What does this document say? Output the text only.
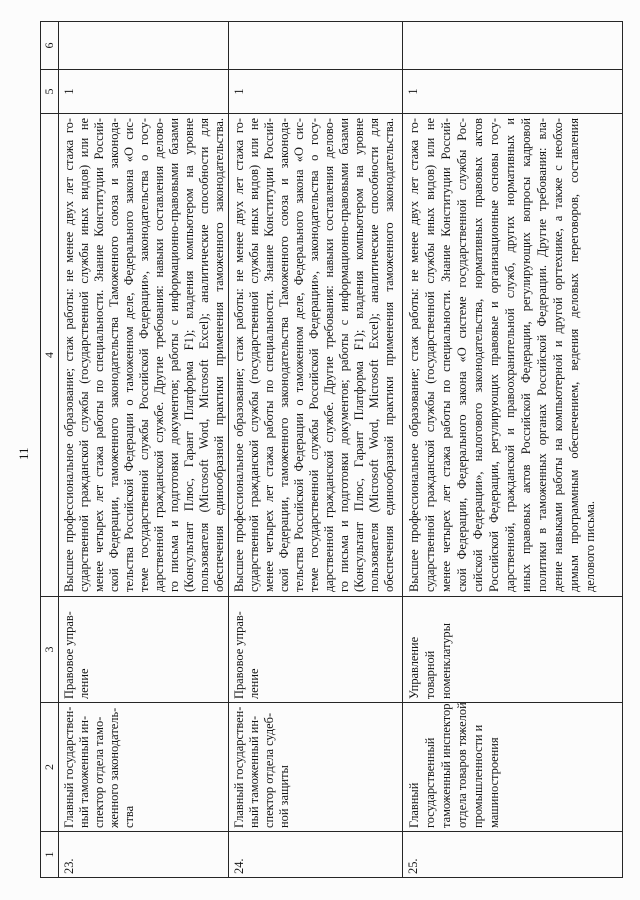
11
1
2
3
4
5
6
23.
Главный государствен- ный таможенный ин- спектор отдела тамо- женного законодатель- ства
Правовое управ- ление
Высшее профессиональное образование; стаж работы: не менее двух лет стажа го- сударственной гражданской службы (государственной службы иных видов) или не менее четырех лет стажа работы по специальности. Знание Конституции Россий- ской Федерации, таможенного законодательства Таможенного союза и законода- тельства Российской Федерации о таможенном деле, Федерального закона «О сис- теме государственной службы Российской Федерации», законодательства о госу- дарственной гражданской службе. Другие требования: навыки составления делово- го письма и подготовки документов; работы с информационно-правовыми базами (Консультант Плюс, Гарант Платформа F1); владения компьютером на уровне пользователя (Microsoft Word, Microsoft Excel); аналитические способности для обеспечения единообразной практики применения таможенного законодательства.
1
24.
Главный государствен- ный таможенный ин- спектор отдела судеб- ной защиты
Правовое управ- ление
Высшее профессиональное образование; стаж работы: не менее двух лет стажа го- сударственной гражданской службы (государственной службы иных видов) или не менее четырех лет стажа работы по специальности. Знание Конституции Россий- ской Федерации, таможенного законодательства Таможенного союза и законода- тельства Российской Федерации о таможенном деле, Федерального закона «О сис- теме государственной службы Российской Федерации», законодательства о госу- дарственной гражданской службе. Другие требования: навыки составления делово- го письма и подготовки документов; работы с информационно-правовыми базами (Консультант Плюс, Гарант Платформа F1); владения компьютером на уровне пользователя (Microsoft Word, Microsoft Excel); аналитические способности для обеспечения единообразной практики применения таможенного законодательства.
1
25.
Главный государственный таможенный инспектор отдела товаров тяжелой промышленности и машиностроения
Управление товарной номенклатуры
Высшее профессиональное образование; стаж работы: не менее двух лет стажа го- сударственной гражданской службы (государственной службы иных видов) или не менее четырех лет стажа работы по специальности. Знание Конституции Россий- ской Федерации, Федерального закона «О системе государственной службы Рос- сийской Федерации», налогового законодательства, нормативных правовых актов Российской Федерации, регулирующих правовые и организационные основы госу- дарственной, гражданской и правоохранительной служб, других нормативных и иных правовых актов Российской Федерации, регулирующих вопросы кадровой политики в таможенных органах Российской Федерации. Другие требования: вла- дение навыками работы на компьютерной и другой оргтехнике, а также с необхо- димым программным обеспечением, ведения деловых переговоров, составления делового письма.
1
